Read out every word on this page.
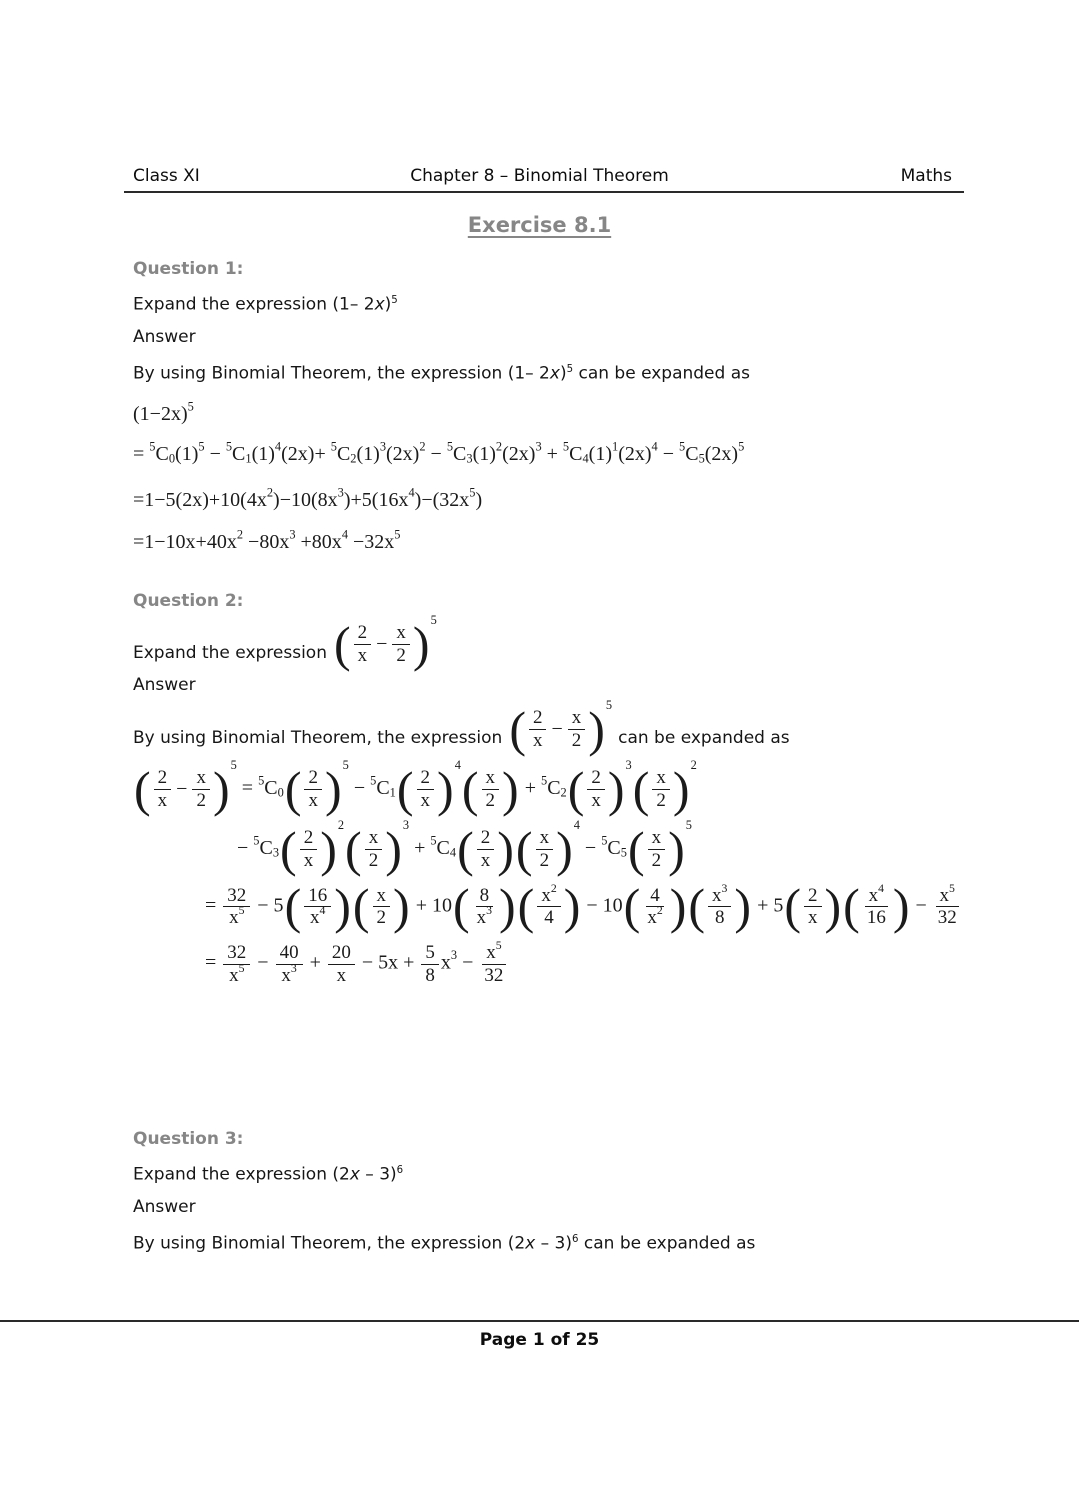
Class XI	Chapter 8 – Binomial Theorem	Maths
Exercise 8.1
Question 1:
Expand the expression (1– 2x)$^5$
Answer
By using Binomial Theorem, the expression (1– 2x)$^5$ can be expanded as
$(1-2x)^5$
= $^5C_0(1)^5 - ^5C_1(1)^4(2x)+ ^5C_2(1)^3(2x)^2 - ^5C_3(1)^2(2x)^3 + ^5C_4(1)^1(2x)^4 - ^5C_5(2x)^5$
$=1-5(2x)+10(4x^2)-10(8x^3)+5(16x^4)-(32x^5)$
$=1-10x+40x^2 -80x^3 +80x^4 -32x^5$
Question 2:
Expand the expression ( $\frac{2}{x} - \frac{x}{2}$ ) $^5$
Answer
By using Binomial Theorem, the expression ( $\frac{2}{x} - \frac{x}{2}$ ) $^5$
can be expanded as
( $\frac{2}{x} - \frac{x}{2}$ ) $^5 = ^5C_0$ ( $\frac{2}{x}$ ) $^5 - ^5C_1$ ( $\frac{2}{x}$ ) $^4$ ( $\frac{x}{2}$ ) + $^5C_2$ ( $\frac{2}{x}$ ) $^3$ ( $\frac{x}{2}$ ) $^2$
− $^5C_3$ ( $\frac{2}{x}$ ) $^2$ ( $\frac{x}{2}$ ) $^3 + ^5C_4$ ( $\frac{2}{x}$ ) ( $\frac{x}{2}$ ) $^4 - ^5C_5$ ( $\frac{x}{2}$ ) $^5$
= $\frac{32}{x^5} - 5$ ( $\frac{16}{x^4}$ ) ( $\frac{x}{2}$ ) + 10 ( $\frac{8}{x^3}$ ) ( $\frac{x^2}{4}$ ) − 10 ( $\frac{4}{x^2}$ ) ( $\frac{x^3}{8}$ ) + 5 ( $\frac{2}{x}$ ) ( $\frac{x^4}{16}$ ) − $\frac{x^5}{32}$
= $\frac{32}{x^5} - \frac{40}{x^3} + \frac{20}{x} - 5x + \frac{5}{8} x^3 - \frac{x^5}{32}$
Question 3:
Expand the expression (2x – 3)$^6$
Answer
By using Binomial Theorem, the expression (2x – 3)$^6$ can be expanded as
Page 1 of 25
